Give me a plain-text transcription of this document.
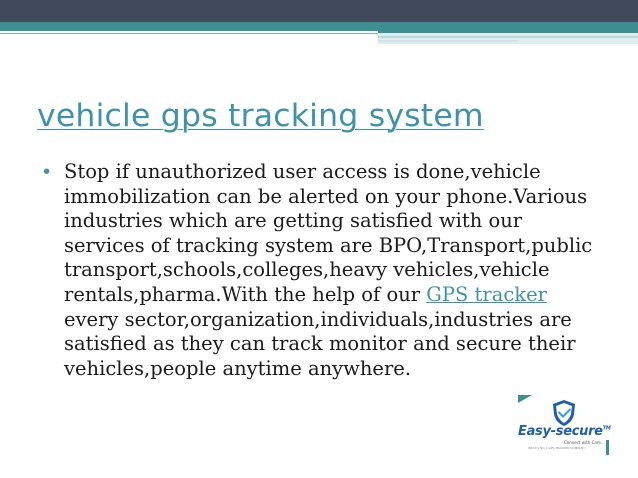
vehicle gps tracking system
• Stop if unauthorized user access is done,vehicle immobilization can be alerted on your phone.Various industries which are getting satisfied with our services of tracking system are BPO,Transport,public transport,schools,colleges,heavy vehicles,vehicle rentals,pharma.With the help of our GPS tracker every sector,organization,individuals,industries are satisfied as they can track monitor and secure their vehicles,people anytime anywhere.

Easy-secure™
Connect with Care...
INDIA'S NO.1 GPS TRACKER COMPANY
